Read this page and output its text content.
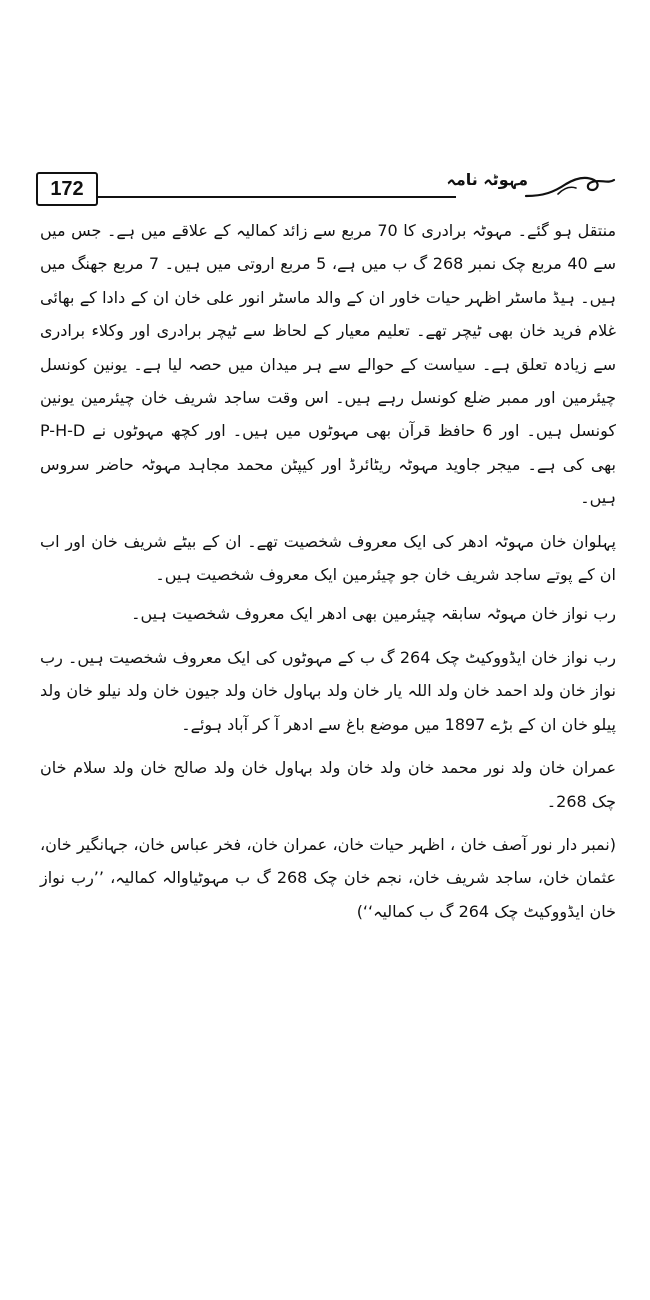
172	مہوٹہ نامہ

منتقل ہو گئے۔ مہوٹہ برادری کا 70 مربع سے زائد کمالیہ کے علاقے میں ہے۔ جس میں سے 40 مربع چک نمبر 268 گ ب میں ہے، 5 مربع اروتی میں ہیں۔ 7 مربع جھنگ میں ہیں۔ ہیڈ ماسٹر اظہر حیات خاور ان کے والد ماسٹر انور علی خان ان کے دادا کے بھائی غلام فرید خان بھی ٹیچر تھے۔ تعلیم معیار کے لحاظ سے ٹیچر برادری اور وکلاء برادری سے زیادہ تعلق ہے۔ سیاست کے حوالے سے ہر میدان میں حصہ لیا ہے۔ یونین کونسل چیئرمین اور ممبر ضلع کونسل رہے ہیں۔ اس وقت ساجد شریف خان چیئرمین یونین کونسل ہیں۔ اور 6 حافظ قرآن بھی مہوٹوں میں ہیں۔ اور کچھ مہوٹوں نے P-H-D بھی کی ہے۔ میجر جاوید مہوٹہ ریٹائرڈ اور کیپٹن محمد مجاہد مہوٹہ حاضر سروس ہیں۔

پہلوان خان مہوٹہ ادھر کی ایک معروف شخصیت تھے۔ ان کے بیٹے شریف خان اور اب ان کے پوتے ساجد شریف خان جو چیئرمین ایک معروف شخصیت ہیں۔

رب نواز خان مہوٹہ سابقہ چیئرمین بھی ادھر ایک معروف شخصیت ہیں۔

رب نواز خان ایڈووکیٹ چک 264 گ ب کے مہوٹوں کی ایک معروف شخصیت ہیں۔ رب نواز خان ولد احمد خان ولد اللہ یار خان ولد بہاول خان ولد جیون خان ولد نیلو خان ولد پیلو خان ان کے بڑے 1897 میں موضع باغ سے ادھر آ کر آباد ہوئے۔

عمران خان ولد نور محمد خان ولد خان ولد بہاول خان ولد صالح خان ولد سلام خان چک 268۔

(نمبر دار نور آصف خان ، اظہر حیات خان، عمران خان، فخر عباس خان، جہانگیر خان، عثمان خان، ساجد شریف خان، نجم خان چک 268 گ ب مہوٹیاوالہ کمالیہ، ’’رب نواز خان ایڈووکیٹ چک 264 گ ب کمالیہ‘‘)
